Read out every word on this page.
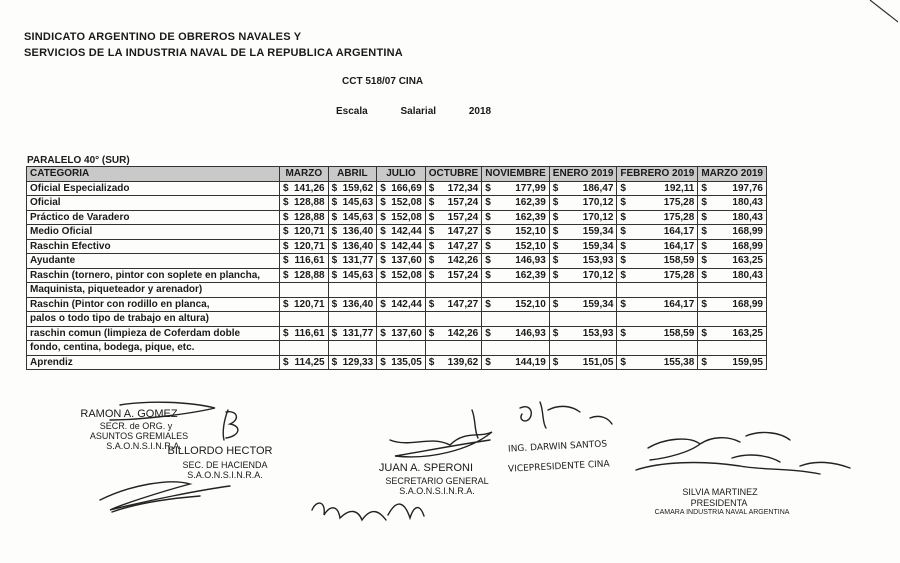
SINDICATO ARGENTINO DE OBREROS NAVALES Y
SERVICIOS DE LA INDUSTRIA NAVAL DE LA REPUBLICA ARGENTINA
CCT 518/07 CINA
Escala Salarial 2018
PARALELO 40° (SUR)
CATEGORIA	MARZO		ABRIL		JULIO		OCTUBRE		NOVIEMBRE		ENERO 2019		FEBRERO 2019		MARZO 2019	
Oficial Especializado	$	141,26	$	159,62	$	166,69	$	172,34	$	177,99	$	186,47	$	192,11	$	197,76
Oficial	$	128,88	$	145,63	$	152,08	$	157,24	$	162,39	$	170,12	$	175,28	$	180,43
Práctico de Varadero	$	128,88	$	145,63	$	152,08	$	157,24	$	162,39	$	170,12	$	175,28	$	180,43
Medio Oficial	$	120,71	$	136,40	$	142,44	$	147,27	$	152,10	$	159,34	$	164,17	$	168,99
Raschin Efectivo	$	120,71	$	136,40	$	142,44	$	147,27	$	152,10	$	159,34	$	164,17	$	168,99
Ayudante	$	116,61	$	131,77	$	137,60	$	142,26	$	146,93	$	153,93	$	158,59	$	163,25
Raschin (tornero, pintor con soplete en plancha,	$	128,88	$	145,63	$	152,08	$	157,24	$	162,39	$	170,12	$	175,28	$	180,43
Maquinista, piqueteador y arenador)																
Raschin (Pintor con rodillo en planca,	$	120,71	$	136,40	$	142,44	$	147,27	$	152,10	$	159,34	$	164,17	$	168,99
palos o todo tipo de trabajo en altura)																
raschin comun (limpieza de Coferdam doble	$	116,61	$	131,77	$	137,60	$	142,26	$	146,93	$	153,93	$	158,59	$	163,25
fondo, centina, bodega, pique, etc.																
Aprendiz	$	114,25	$	129,33	$	135,05	$	139,62	$	144,19	$	151,05	$	155,38	$	159,95
RAMON A. GOMEZ
SECR. de ORG. y
ASUNTOS GREMIALES
S.A.O.N.S.I.N.R.A.
BILLORDO HECTOR
SEC. DE HACIENDA
S.A.O.N.S.I.N.R.A.
JUAN A. SPERONI
SECRETARIO GENERAL
S.A.O.N.S.I.N.R.A.
ING. DARWIN SANTOS
VICEPRESIDENTE CINA
SILVIA MARTINEZ
PRESIDENTA
CAMARA INDUSTRIA NAVAL ARGENTINA
